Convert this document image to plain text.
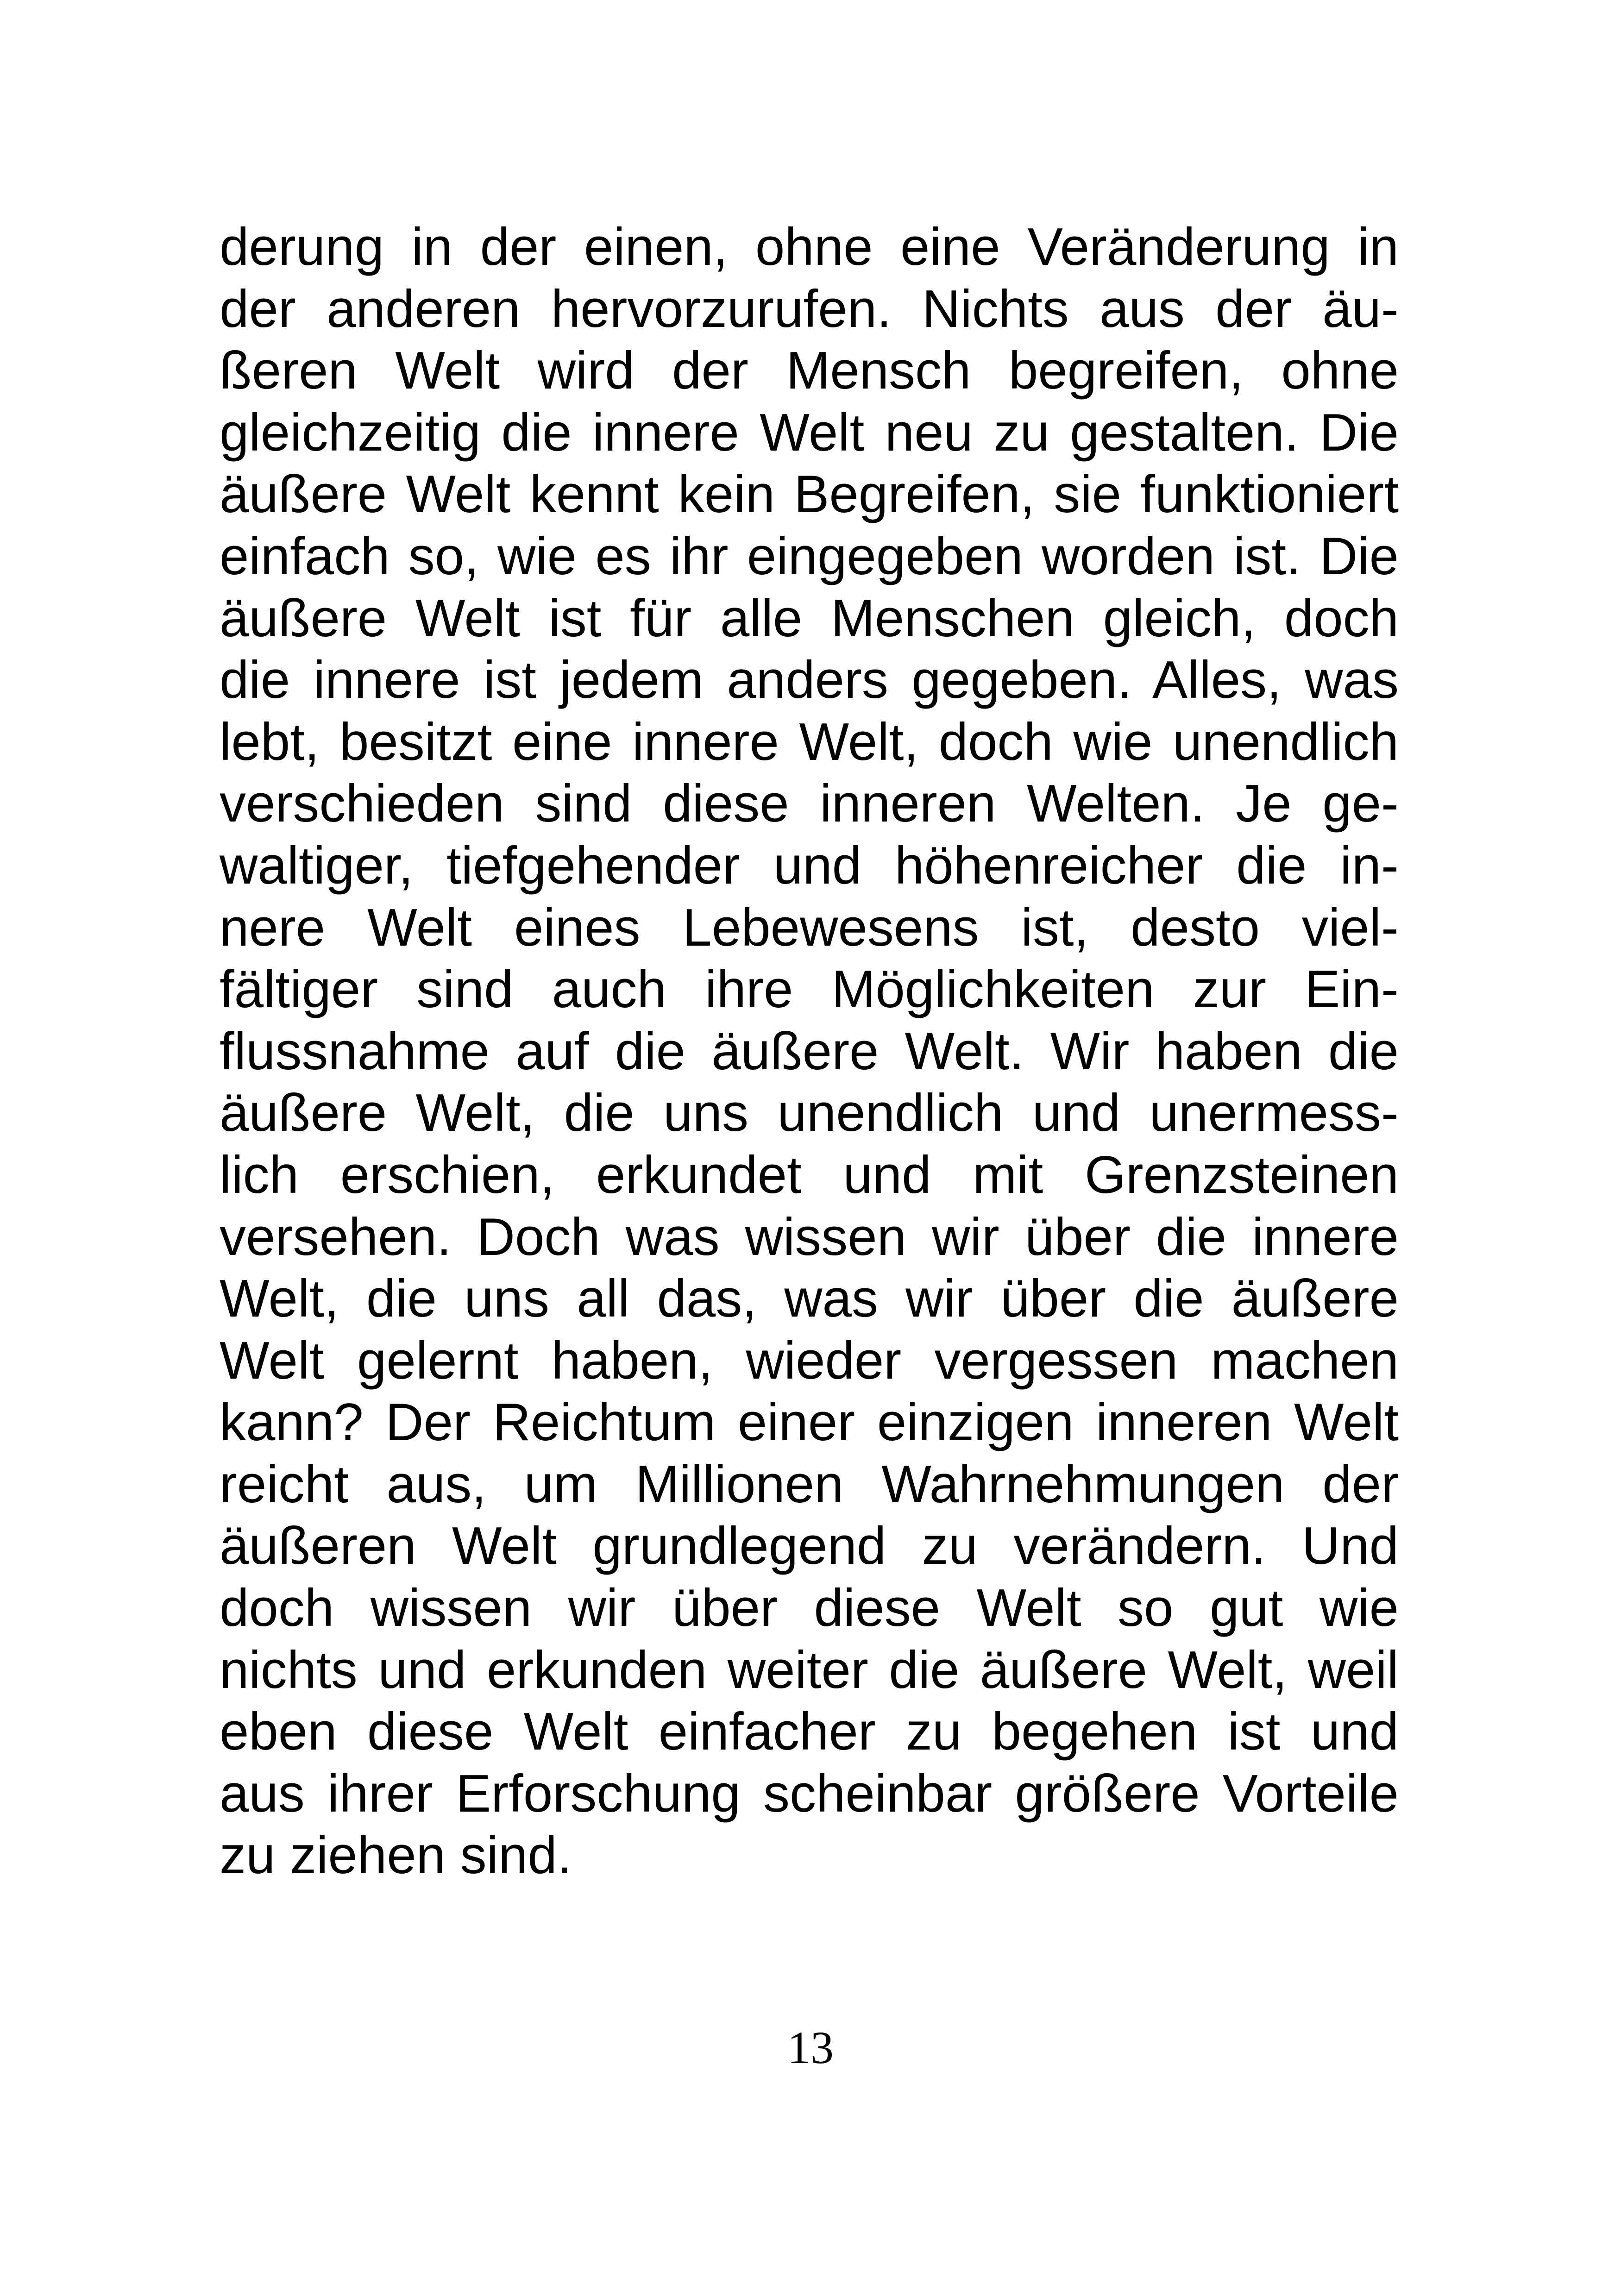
derung in der einen, ohne eine Veränderung in
der anderen hervorzurufen. Nichts aus der äu-
ßeren Welt wird der Mensch begreifen, ohne
gleichzeitig die innere Welt neu zu gestalten. Die
äußere Welt kennt kein Begreifen, sie funktioniert
einfach so, wie es ihr eingegeben worden ist. Die
äußere Welt ist für alle Menschen gleich, doch
die innere ist jedem anders gegeben. Alles, was
lebt, besitzt eine innere Welt, doch wie unendlich
verschieden sind diese inneren Welten. Je ge-
waltiger, tiefgehender und höhenreicher die in-
nere Welt eines Lebewesens ist, desto viel-
fältiger sind auch ihre Möglichkeiten zur Ein-
flussnahme auf die äußere Welt. Wir haben die
äußere Welt, die uns unendlich und unermess-
lich erschien, erkundet und mit Grenzsteinen
versehen. Doch was wissen wir über die innere
Welt, die uns all das, was wir über die äußere
Welt gelernt haben, wieder vergessen machen
kann? Der Reichtum einer einzigen inneren Welt
reicht aus, um Millionen Wahrnehmungen der
äußeren Welt grundlegend zu verändern. Und
doch wissen wir über diese Welt so gut wie
nichts und erkunden weiter die äußere Welt, weil
eben diese Welt einfacher zu begehen ist und
aus ihrer Erforschung scheinbar größere Vorteile
zu ziehen sind.
13
